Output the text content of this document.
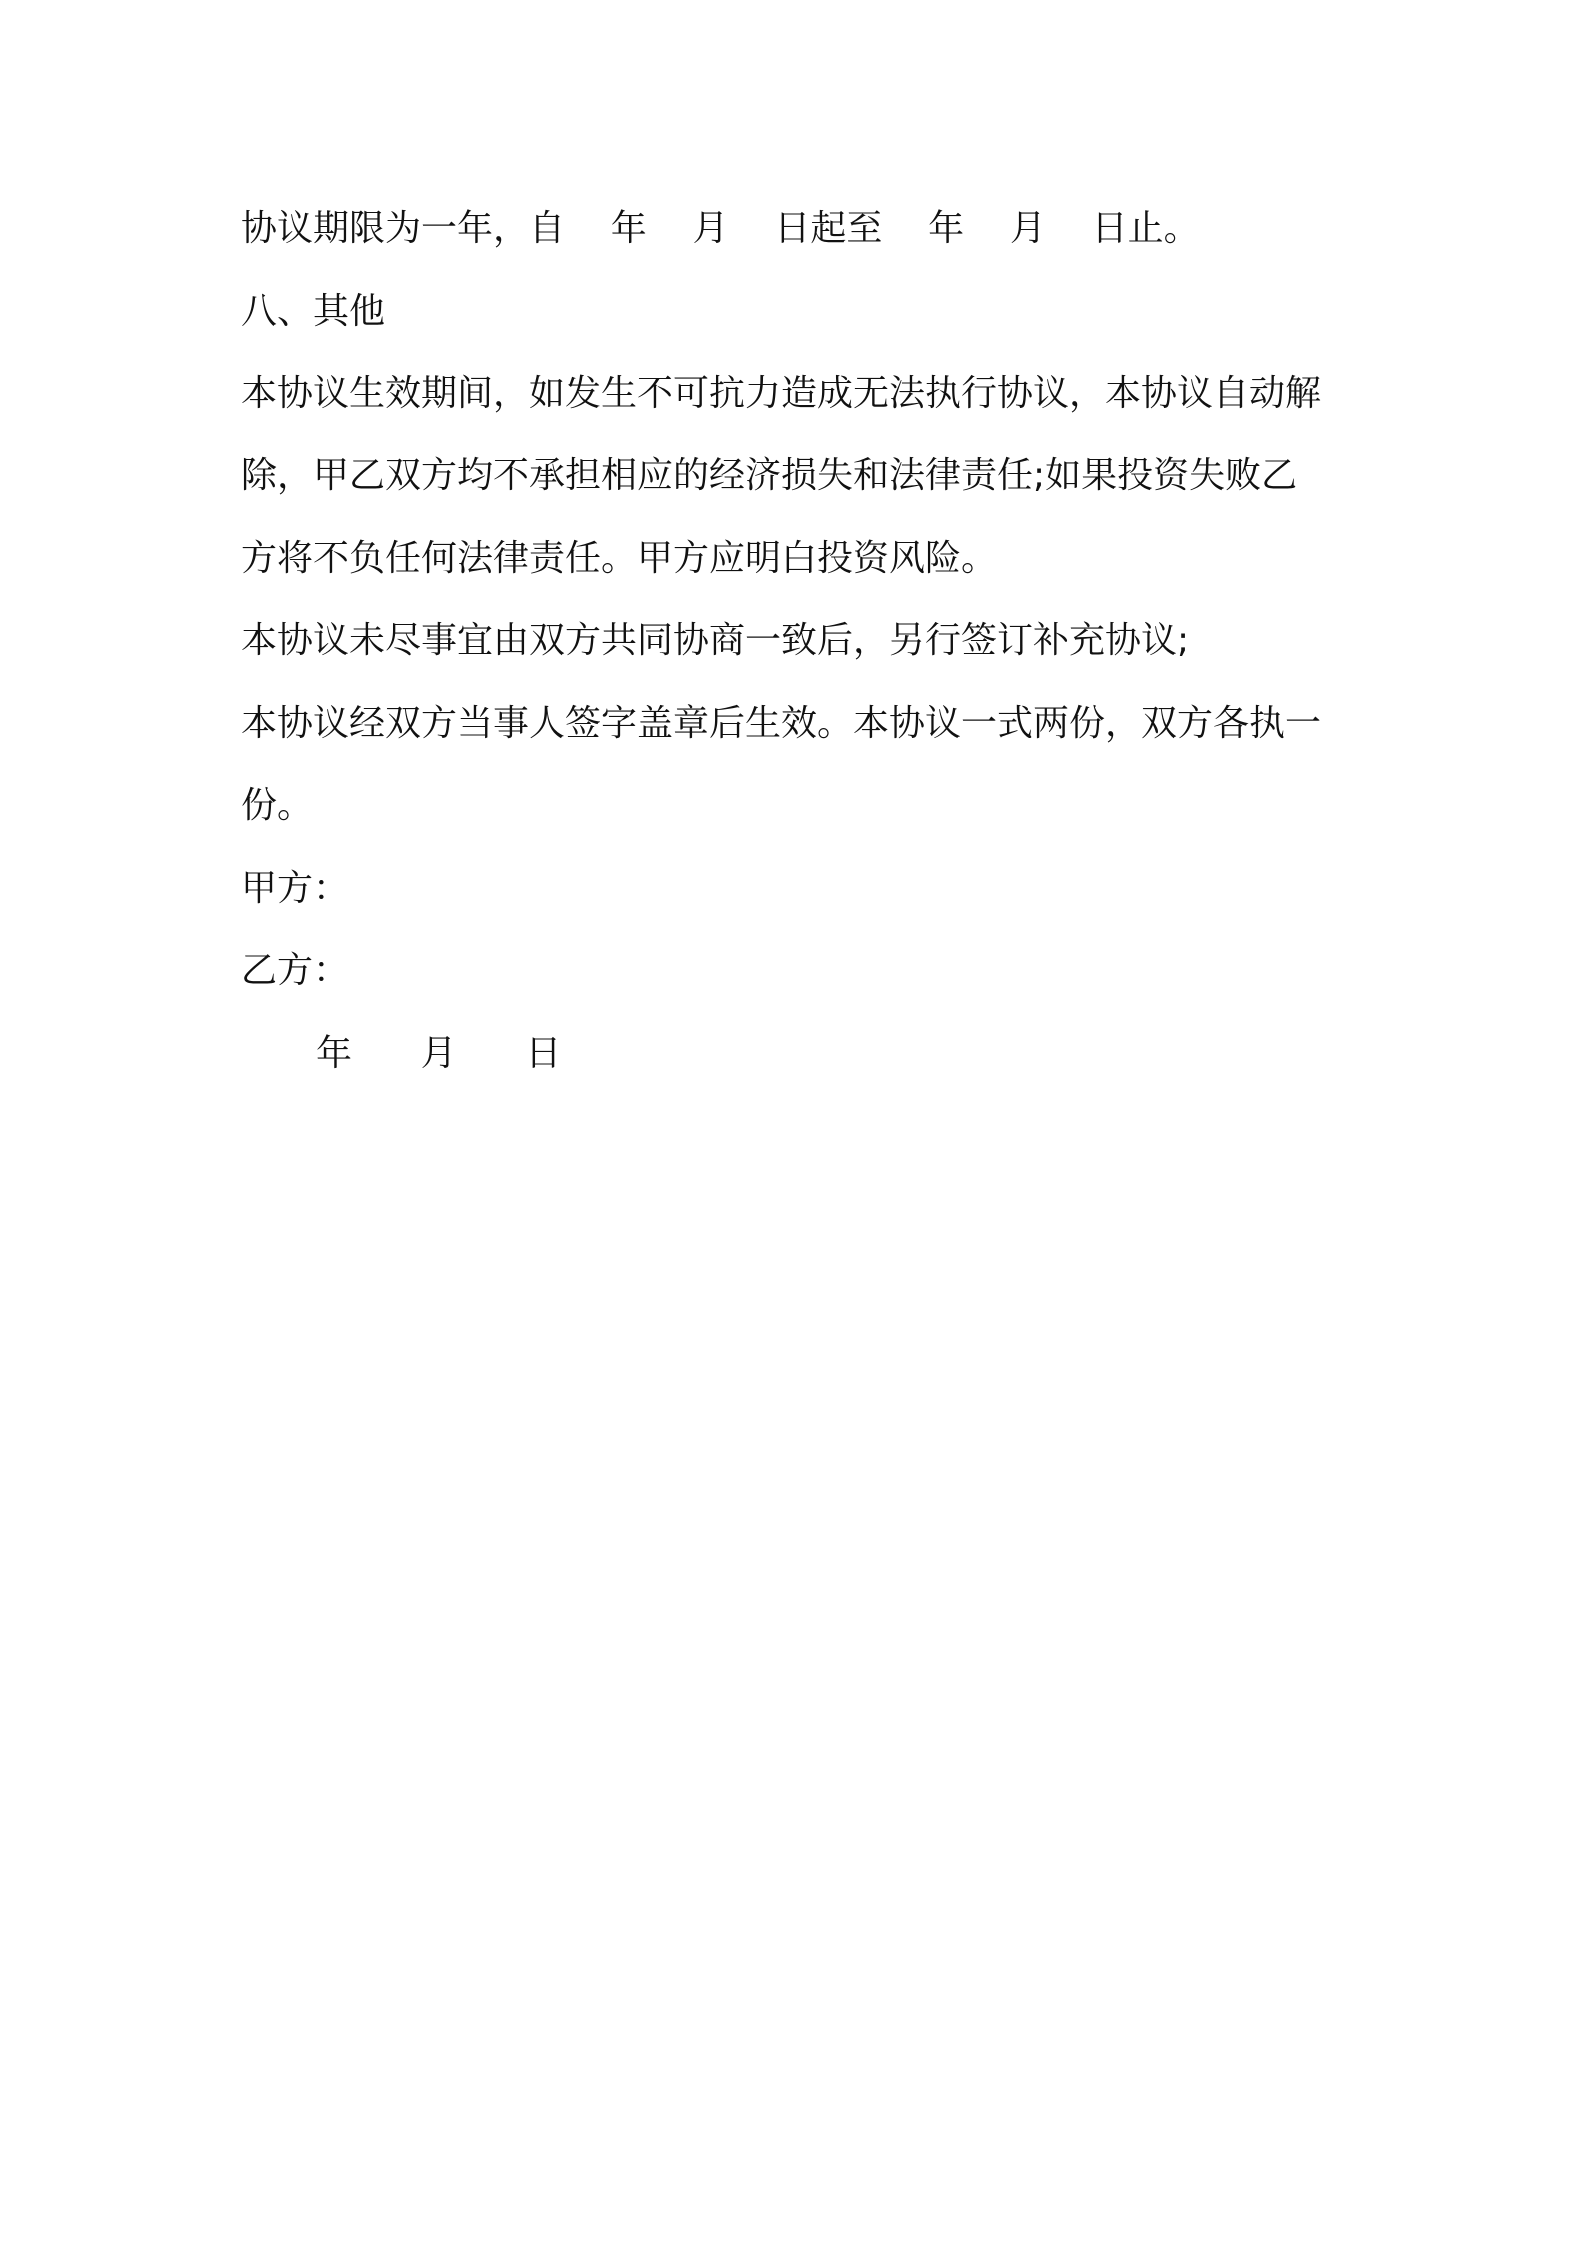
协议期限为一年，自    年    月    日起至    年    月    日止。

八、其他

本协议生效期间，如发生不可抗力造成无法执行协议，本协议自动解

除，甲乙双方均不承担相应的经济损失和法律责任;如果投资失败乙

方将不负任何法律责任。甲方应明白投资风险。

本协议未尽事宜由双方共同协商一致后，另行签订补充协议;

本协议经双方当事人签字盖章后生效。本协议一式两份，双方各执一

份。

甲方：

乙方：

年      月      日
